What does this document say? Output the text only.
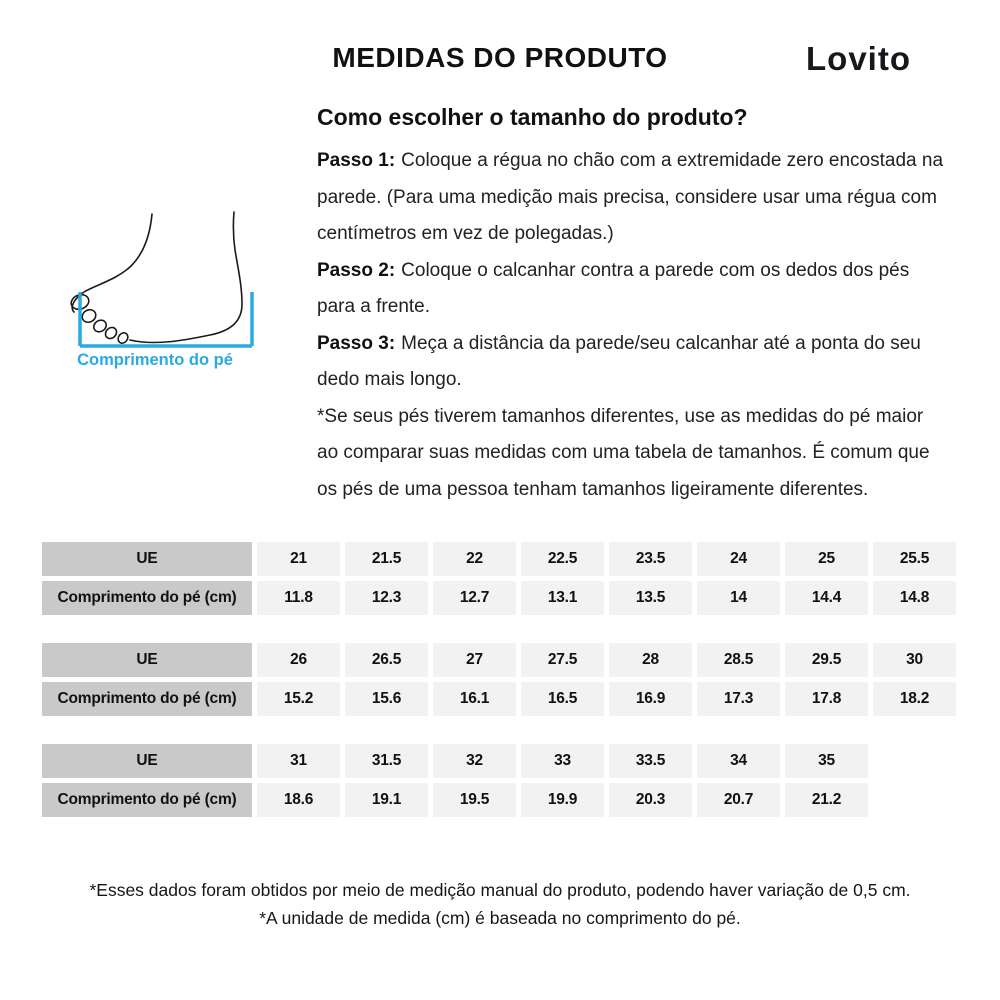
MEDIDAS DO PRODUTO	Lovito
Comprimento do pé
Como escolher o tamanho do produto?

Passo 1: Coloque a régua no chão com a extremidade zero encostada na parede. (Para uma medição mais precisa, considere usar uma régua com centímetros em vez de polegadas.)

Passo 2: Coloque o calcanhar contra a parede com os dedos dos pés para a frente.

Passo 3: Meça a distância da parede/seu calcanhar até a ponta do seu dedo mais longo.

*Se seus pés tiverem tamanhos diferentes, use as medidas do pé maior ao comparar suas medidas com uma tabela de tamanhos. É comum que os pés de uma pessoa tenham tamanhos ligeiramente diferentes.

UE	21	21.5	22	22.5	23.5	24	25	25.5
Comprimento do pé (cm)	11.8	12.3	12.7	13.1	13.5	14	14.4	14.8
UE	26	26.5	27	27.5	28	28.5	29.5	30
Comprimento do pé (cm)	15.2	15.6	16.1	16.5	16.9	17.3	17.8	18.2
UE	31	31.5	32	33	33.5	34	35
Comprimento do pé (cm)	18.6	19.1	19.5	19.9	20.3	20.7	21.2
*Esses dados foram obtidos por meio de medição manual do produto, podendo haver variação de 0,5 cm.
*A unidade de medida (cm) é baseada no comprimento do pé.
